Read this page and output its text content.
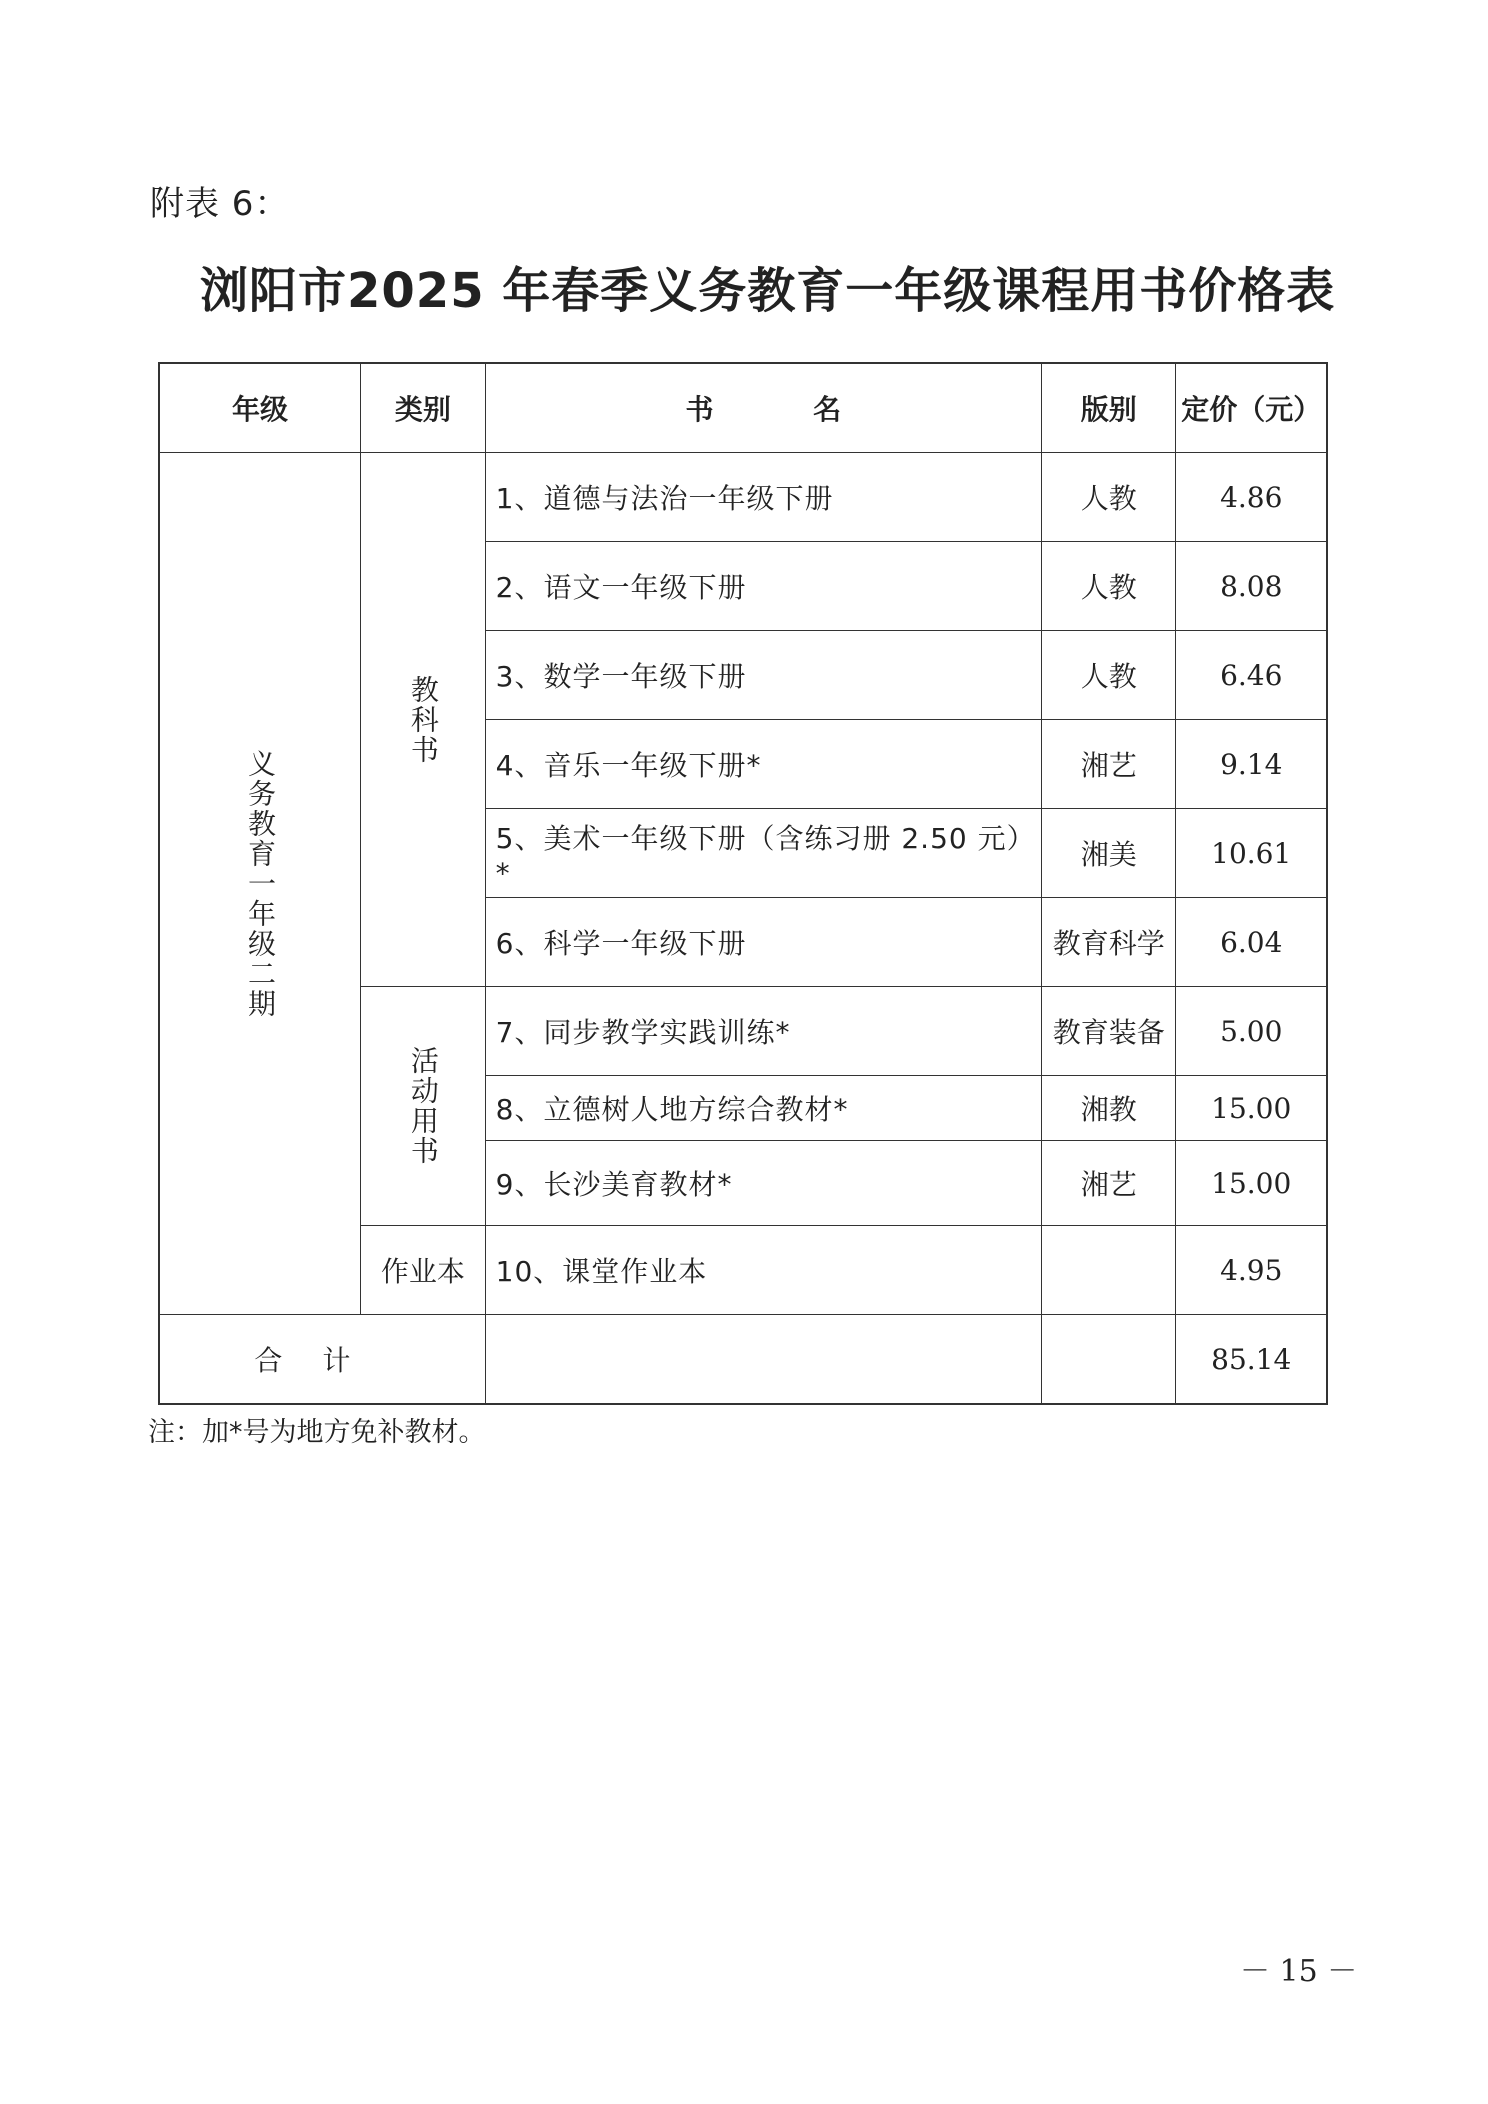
附表 6：
浏阳市2025 年春季义务教育一年级课程用书价格表
年级	类别	书 名	版别	定价（元）

义务教育一年级二期	教科书	1、道德与法治一年级下册	人教	4.86
		2、语文一年级下册	人教	8.08
		3、数学一年级下册	人教	6.46
		4、音乐一年级下册*	湘艺	9.14
		5、美术一年级下册（含练习册 2.50 元）*	湘美	10.61
		6、科学一年级下册	教育科学	6.04

	活动用书	7、同步教学实践训练*	教育装备	5.00
		8、立德树人地方综合教材*	湘教	15.00
		9、长沙美育教材*	湘艺	15.00
	作业本	10、课堂作业本		4.95
合计				85.14
注：加*号为地方免补教材。
－ 15 －
